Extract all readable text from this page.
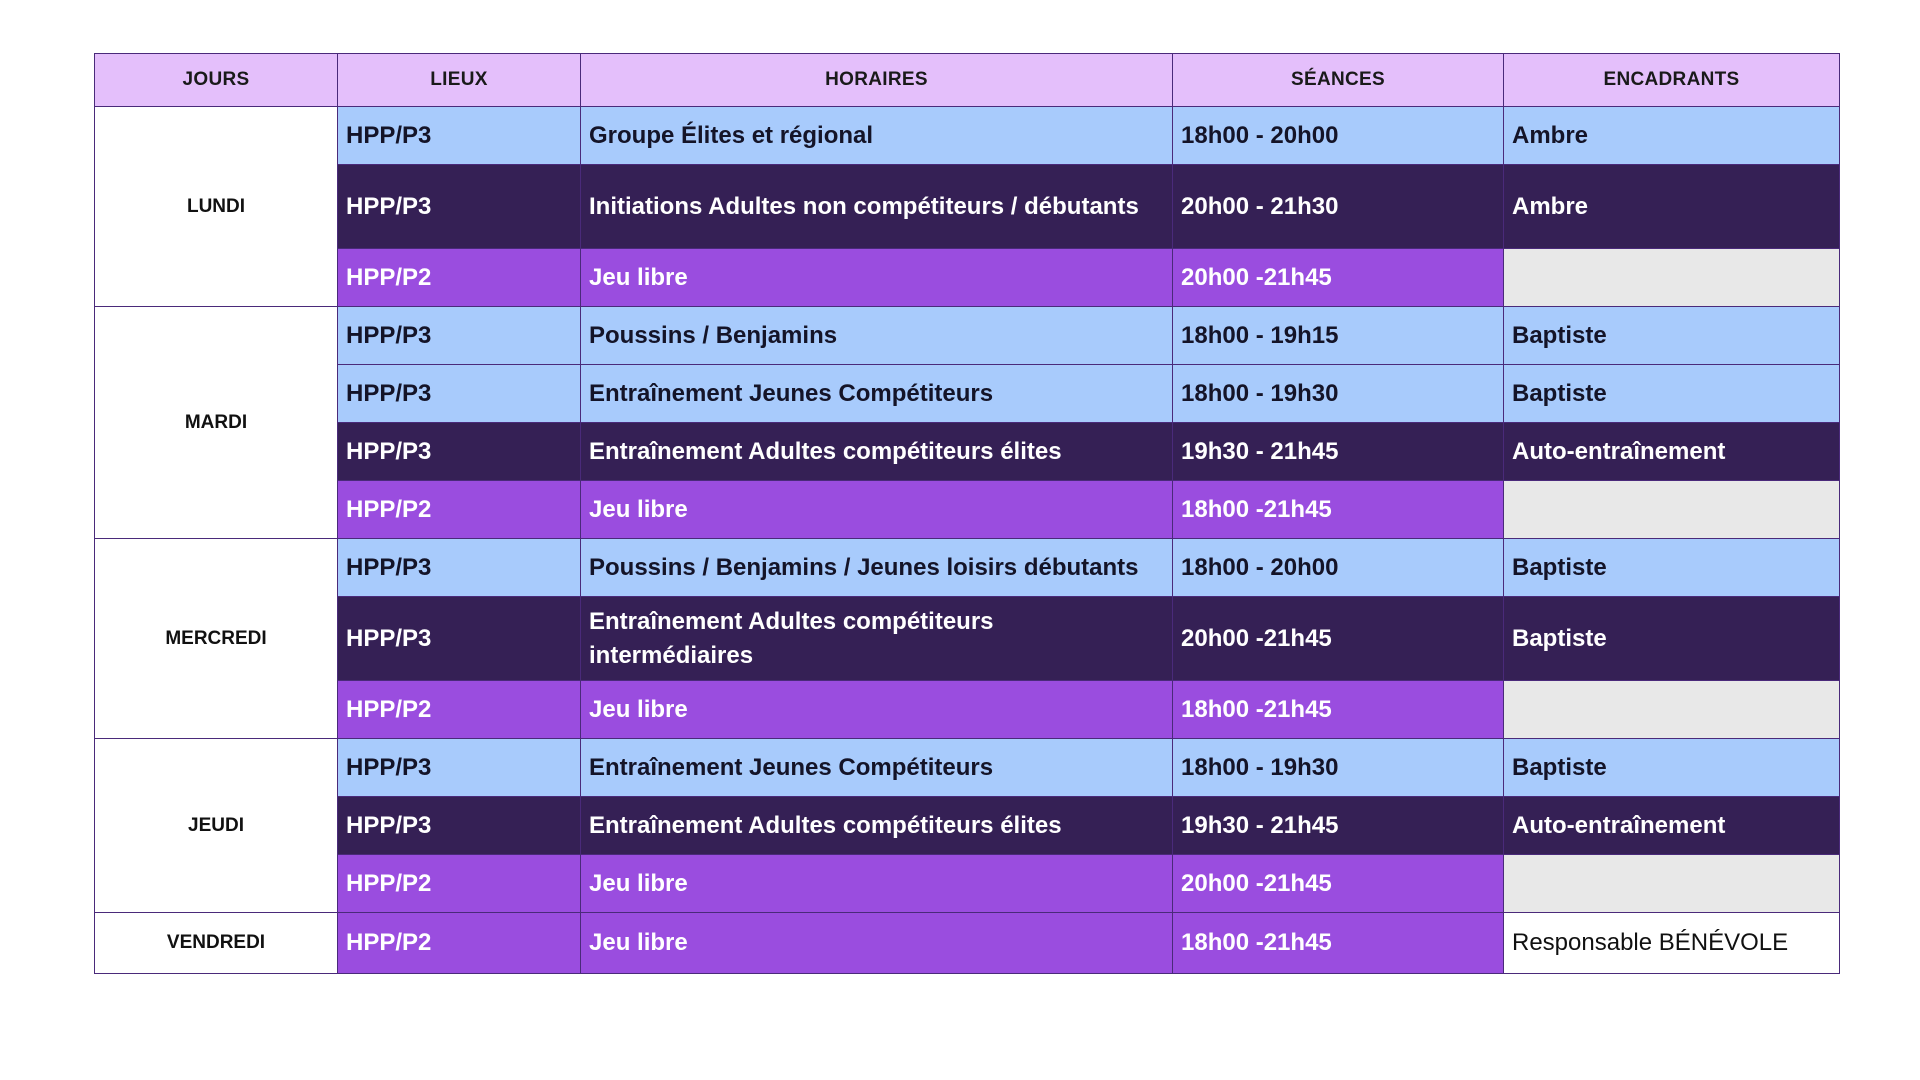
JOURS	LIEUX	HORAIRES	SÉANCES	ENCADRANTS
LUNDI	HPP/P3	Groupe Élites et régional	18h00 - 20h00	Ambre
	HPP/P3	Initiations Adultes non compétiteurs / débutants	20h00 - 21h30	Ambre
	HPP/P2	Jeu libre	20h00 -21h45	
MARDI	HPP/P3	Poussins / Benjamins	18h00 - 19h15	Baptiste
	HPP/P3	Entraînement Jeunes Compétiteurs	18h00 - 19h30	Baptiste
	HPP/P3	Entraînement Adultes compétiteurs élites	19h30 - 21h45	Auto-entraînement
	HPP/P2	Jeu libre	18h00 -21h45	
MERCREDI	HPP/P3	Poussins / Benjamins / Jeunes loisirs débutants	18h00 - 20h00	Baptiste
	HPP/P3	Entraînement Adultes compétiteurs intermédiaires	20h00 -21h45	Baptiste
	HPP/P2	Jeu libre	18h00 -21h45	
JEUDI	HPP/P3	Entraînement Jeunes Compétiteurs	18h00 - 19h30	Baptiste
	HPP/P3	Entraînement Adultes compétiteurs élites	19h30 - 21h45	Auto-entraînement
	HPP/P2	Jeu libre	20h00 -21h45	
VENDREDI	HPP/P2	Jeu libre	18h00 -21h45	Responsable BÉNÉVOLE
